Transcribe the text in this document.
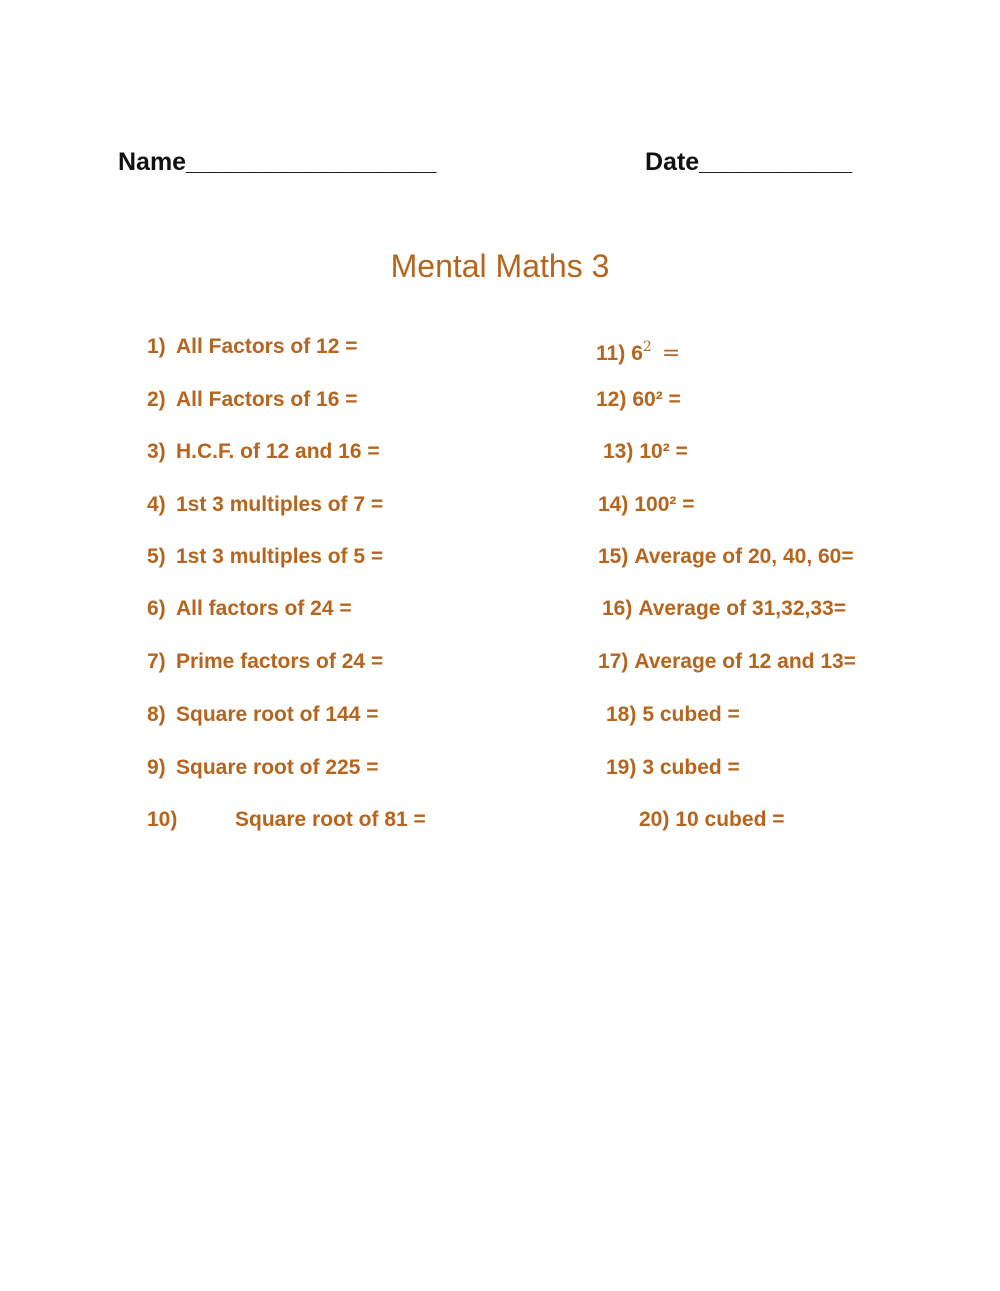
Name__________________	Date___________
Mental Maths 3
1) All Factors of 12 =
2) All Factors of 16 =
3) H.C.F. of 12 and 16 =
4) 1st 3 multiples of 7 =
5) 1st 3 multiples of 5 =
6) All factors of 24 =
7) Prime factors of 24 =
8) Square root of 144 =
9) Square root of 225 =
10)	Square root of 81 =
11) $6^2$ =
12) 60² =
13) 10² =
14) 100² =
15) Average of 20, 40, 60=
16) Average of 31,32,33=
17) Average of 12 and 13=
18) 5 cubed =
19) 3 cubed =
20) 10 cubed =
